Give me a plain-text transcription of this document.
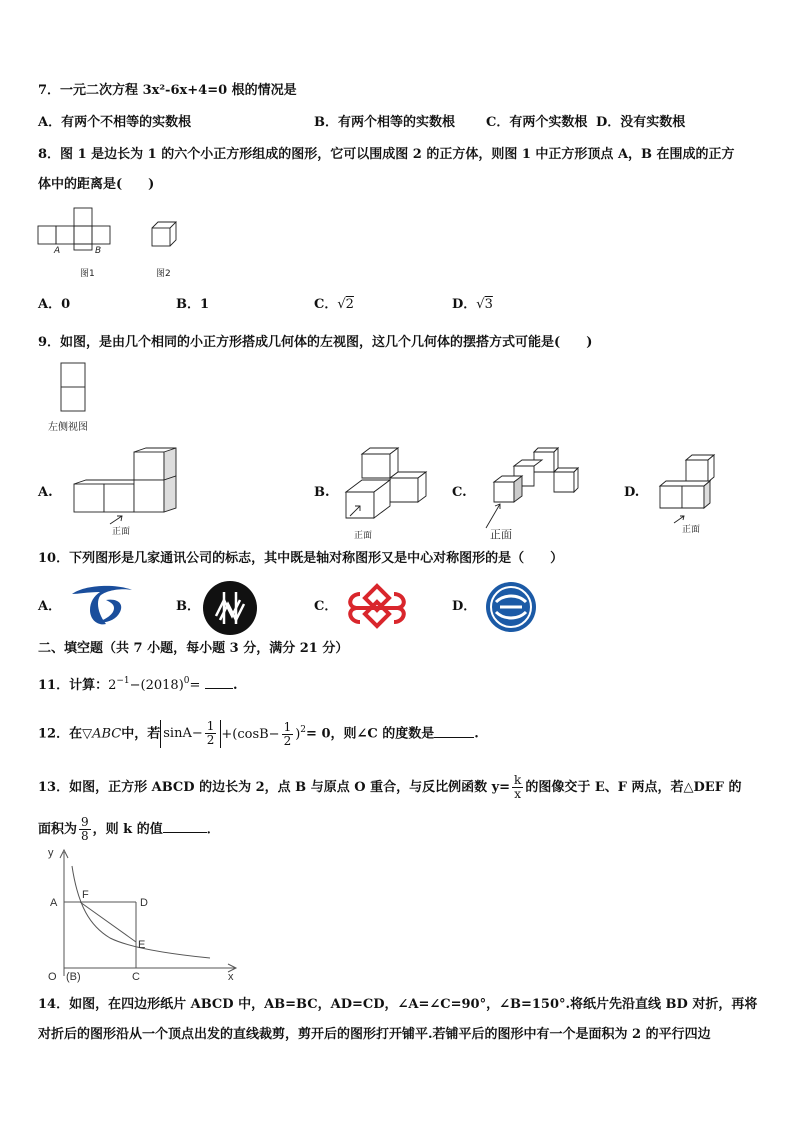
7．一元二次方程 3x²-6x+4=0 根的情况是
A．有两个不相等的实数根	B．有两个相等的实数根 C．有两个实数根 D．没有实数根
8．图 1 是边长为 1 的六个小正方形组成的图形，它可以围成图 2 的正方体，则图 1 中正方形顶点 A，B 在围成的正方
体中的距离是(　　)
A	B
图1	图2
A．0	B．1	C．√2	D．√3
9．如图，是由几个相同的小正方形搭成几何体的左视图，这几个几何体的摆搭方式可能是(　　)
左侧视图
A.
正面
B.
正面
C.
正面
D.
正面
10．下列图形是几家通讯公司的标志，其中既是轴对称图形又是中心对称图形的是（　　）
A．	B．	C．	D．
二、填空题（共 7 小题，每小题 3 分，满分 21 分）
11．计算：$2^{-1}-(2018)^0=$	.
12．在▽ABC中，若 $\sin A- \frac{1}{2} +(\cos B- \frac{1}{2} )^2= 0$，则∠C 的度数是	.
13．如图，正方形 ABCD 的边长为 2，点 B 与原点 O 重合，与反比例函数 $y= \frac{k}{x}$ 的图像交于 E、F 两点，若△DEF 的
面积为 $\frac{9}{8}$ ，则 k 的值	．
y
x
A	D
F
E
O (B)	C
14．如图，在四边形纸片 ABCD 中，AB=BC，AD=CD，∠A=∠C=90°，∠B=150°.将纸片先沿直线 BD 对折，再将
对折后的图形沿从一个顶点出发的直线裁剪，剪开后的图形打开铺平.若铺平后的图形中有一个是面积为 2 的平行四边
